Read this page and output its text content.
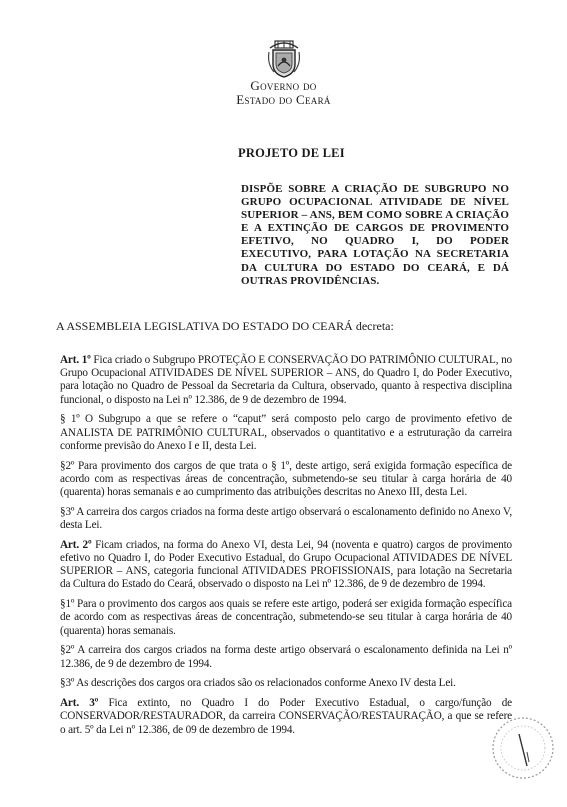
Governo do
Estado do Ceará
PROJETO DE LEI
DISPÕE SOBRE A CRIAÇÃO DE SUBGRUPO NO GRUPO OCUPACIONAL ATIVIDADE DE NÍVEL SUPERIOR – ANS, BEM COMO SOBRE A CRIAÇÃO E A EXTINÇÃO DE CARGOS DE PROVIMENTO EFETIVO, NO QUADRO I, DO PODER EXECUTIVO, PARA LOTAÇÃO NA SECRETARIA DA CULTURA DO ESTADO DO CEARÁ, E DÁ OUTRAS PROVIDÊNCIAS.
A ASSEMBLEIA LEGISLATIVA DO ESTADO DO CEARÁ decreta:

Art. 1º Fica criado o Subgrupo PROTEÇÃO E CONSERVAÇÃO DO PATRIMÔNIO CULTURAL, no Grupo Ocupacional ATIVIDADES DE NÍVEL SUPERIOR – ANS, do Quadro I, do Poder Executivo, para lotação no Quadro de Pessoal da Secretaria da Cultura, observado, quanto à respectiva disciplina funcional, o disposto na Lei nº 12.386, de 9 de dezembro de 1994.

§ 1º O Subgrupo a que se refere o “caput” será composto pelo cargo de provimento efetivo de ANALISTA DE PATRIMÔNIO CULTURAL, observados o quantitativo e a estruturação da carreira conforme previsão do Anexo I e II, desta Lei.

§2º Para provimento dos cargos de que trata o § 1º, deste artigo, será exigida formação específica de acordo com as respectivas áreas de concentração, submetendo-se seu titular à carga horária de 40 (quarenta) horas semanais e ao cumprimento das atribuições descritas no Anexo III, desta Lei.

§3º A carreira dos cargos criados na forma deste artigo observará o escalonamento definido no Anexo V, desta Lei.

Art. 2º Ficam criados, na forma do Anexo VI, desta Lei, 94 (noventa e quatro) cargos de provimento efetivo no Quadro I, do Poder Executivo Estadual, do Grupo Ocupacional ATIVIDADES DE NÍVEL SUPERIOR – ANS, categoria funcional ATIVIDADES PROFISSIONAIS, para lotação na Secretaria da Cultura do Estado do Ceará, observado o disposto na Lei nº 12.386, de 9 de dezembro de 1994.

§1º Para o provimento dos cargos aos quais se refere este artigo, poderá ser exigida formação específica de acordo com as respectivas áreas de concentração, submetendo-se seu titular à carga horária de 40 (quarenta) horas semanais.

§2º A carreira dos cargos criados na forma deste artigo observará o escalonamento definida na Lei nº 12.386, de 9 de dezembro de 1994.

§3º As descrições dos cargos ora criados são os relacionados conforme Anexo IV desta Lei.

Art. 3º Fica extinto, no Quadro I do Poder Executivo Estadual, o cargo/função de CONSERVADOR/RESTAURADOR, da carreira CONSERVAÇÃO/RESTAURAÇÃO, a que se refere o art. 5º da Lei nº 12.386, de 09 de dezembro de 1994.
